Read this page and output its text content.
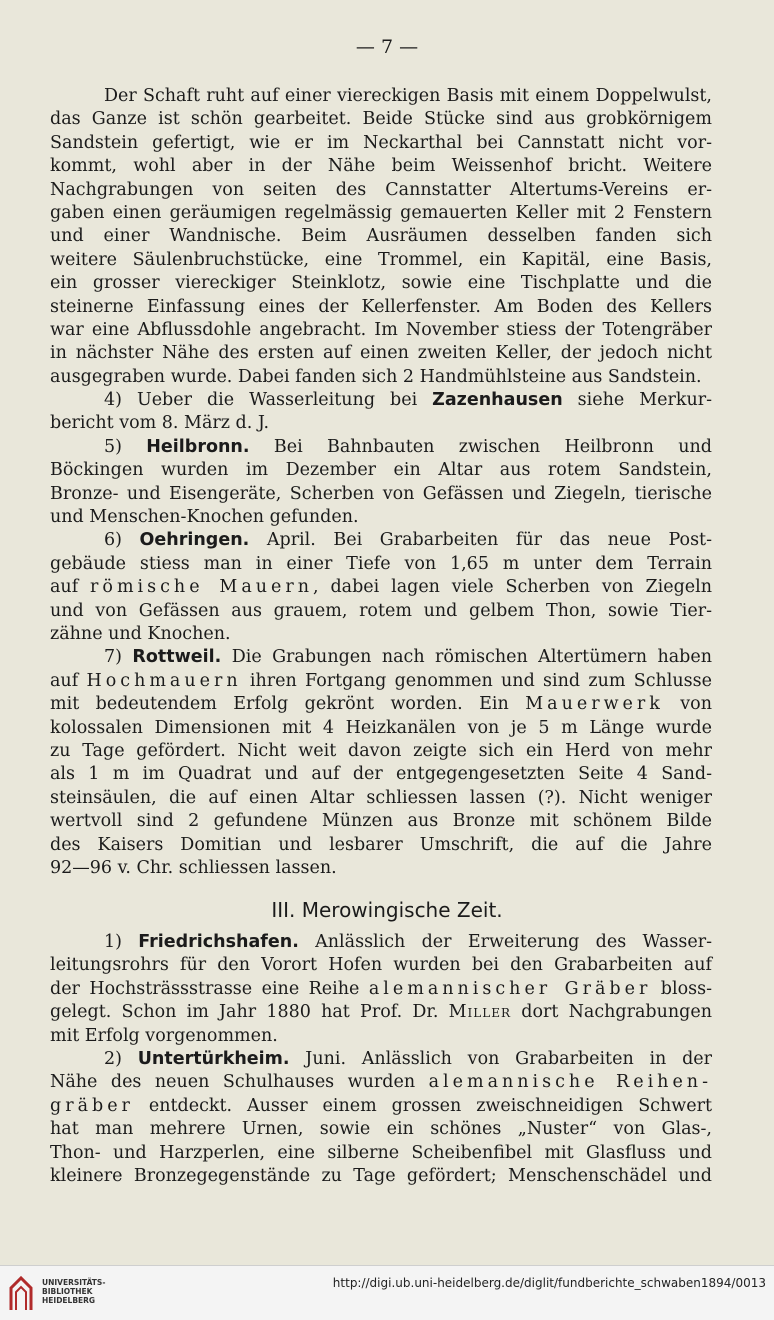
— 7 —
Der Schaft ruht auf einer viereckigen Basis mit einem Doppelwulst,
das Ganze ist schön gearbeitet. Beide Stücke sind aus grobkörnigem
Sandstein gefertigt, wie er im Neckarthal bei Cannstatt nicht vor-
kommt, wohl aber in der Nähe beim Weissenhof bricht. Weitere
Nachgrabungen von seiten des Cannstatter Altertums-Vereins er-
gaben einen geräumigen regelmässig gemauerten Keller mit 2 Fenstern
und einer Wandnische. Beim Ausräumen desselben fanden sich
weitere Säulenbruchstücke, eine Trommel, ein Kapitäl, eine Basis,
ein grosser viereckiger Steinklotz, sowie eine Tischplatte und die
steinerne Einfassung eines der Kellerfenster. Am Boden des Kellers
war eine Abflussdohle angebracht. Im November stiess der Totengräber
in nächster Nähe des ersten auf einen zweiten Keller, der jedoch nicht
ausgegraben wurde. Dabei fanden sich 2 Handmühlsteine aus Sandstein.
4) Ueber die Wasserleitung bei Zazenhausen siehe Merkur-
bericht vom 8. März d. J.
5) Heilbronn. Bei Bahnbauten zwischen Heilbronn und
Böckingen wurden im Dezember ein Altar aus rotem Sandstein,
Bronze- und Eisengeräte, Scherben von Gefässen und Ziegeln, tierische
und Menschen-Knochen gefunden.
6) Oehringen. April. Bei Grabarbeiten für das neue Post-
gebäude stiess man in einer Tiefe von 1,65 m unter dem Terrain
auf römische Mauern, dabei lagen viele Scherben von Ziegeln
und von Gefässen aus grauem, rotem und gelbem Thon, sowie Tier-
zähne und Knochen.
7) Rottweil. Die Grabungen nach römischen Altertümern haben
auf Hochmauern ihren Fortgang genommen und sind zum Schlusse
mit bedeutendem Erfolg gekrönt worden. Ein Mauerwerk von
kolossalen Dimensionen mit 4 Heizkanälen von je 5 m Länge wurde
zu Tage gefördert. Nicht weit davon zeigte sich ein Herd von mehr
als 1 m im Quadrat und auf der entgegengesetzten Seite 4 Sand-
steinsäulen, die auf einen Altar schliessen lassen (?). Nicht weniger
wertvoll sind 2 gefundene Münzen aus Bronze mit schönem Bilde
des Kaisers Domitian und lesbarer Umschrift, die auf die Jahre
92—96 v. Chr. schliessen lassen.
III. Merowingische Zeit.
1) Friedrichshafen. Anlässlich der Erweiterung des Wasser-
leitungsrohrs für den Vorort Hofen wurden bei den Grabarbeiten auf
der Hochsträssstrasse eine Reihe alemannischer Gräber bloss-
gelegt. Schon im Jahr 1880 hat Prof. Dr. Miller dort Nachgrabungen
mit Erfolg vorgenommen.
2) Untertürkheim. Juni. Anlässlich von Grabarbeiten in der
Nähe des neuen Schulhauses wurden alemannische Reihen-
gräber entdeckt. Ausser einem grossen zweischneidigen Schwert
hat man mehrere Urnen, sowie ein schönes „Nuster“ von Glas-,
Thon- und Harzperlen, eine silberne Scheibenfibel mit Glasfluss und
kleinere Bronzegegenstände zu Tage gefördert; Menschenschädel und
UNIVERSITÄTS-
BIBLIOTHEK
HEIDELBERG
http://digi.ub.uni-heidelberg.de/diglit/fundberichte_schwaben1894/0013
